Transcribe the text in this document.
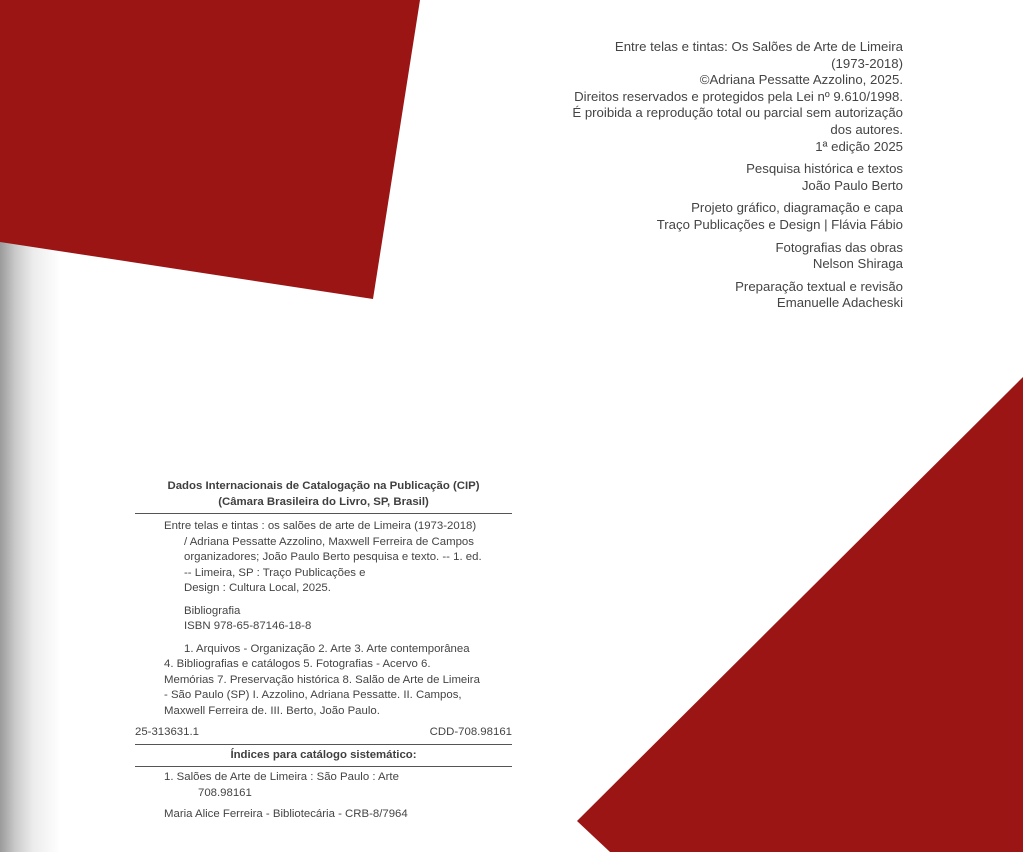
Entre telas e tintas: Os Salões de Arte de Limeira
(1973-2018)
©Adriana Pessatte Azzolino, 2025.
Direitos reservados e protegidos pela Lei nº 9.610/1998.
É proibida a reprodução total ou parcial sem autorização
dos autores.
1ª edição 2025
Pesquisa histórica e textos
João Paulo Berto
Projeto gráfico, diagramação e capa
Traço Publicações e Design | Flávia Fábio
Fotografias das obras
Nelson Shiraga
Preparação textual e revisão
Emanuelle Adacheski
Dados Internacionais de Catalogação na Publicação (CIP)
(Câmara Brasileira do Livro, SP, Brasil)
Entre telas e tintas : os salões de arte de Limeira (1973-2018)
/ Adriana Pessatte Azzolino, Maxwell Ferreira de Campos
organizadores; João Paulo Berto pesquisa e texto. -- 1. ed.
-- Limeira, SP : Traço Publicações e
Design : Cultura Local, 2025.
Bibliografia
ISBN 978-65-87146-18-8
1. Arquivos - Organização 2. Arte 3. Arte contemporânea
4. Bibliografias e catálogos 5. Fotografias - Acervo 6.
Memórias 7. Preservação histórica 8. Salão de Arte de Limeira
- São Paulo (SP) I. Azzolino, Adriana Pessatte. II. Campos,
Maxwell Ferreira de. III. Berto, João Paulo.
25-313631.1	CDD-708.98161
Índices para catálogo sistemático:
1. Salões de Arte de Limeira : São Paulo : Arte
708.98161
Maria Alice Ferreira - Bibliotecária - CRB-8/7964
